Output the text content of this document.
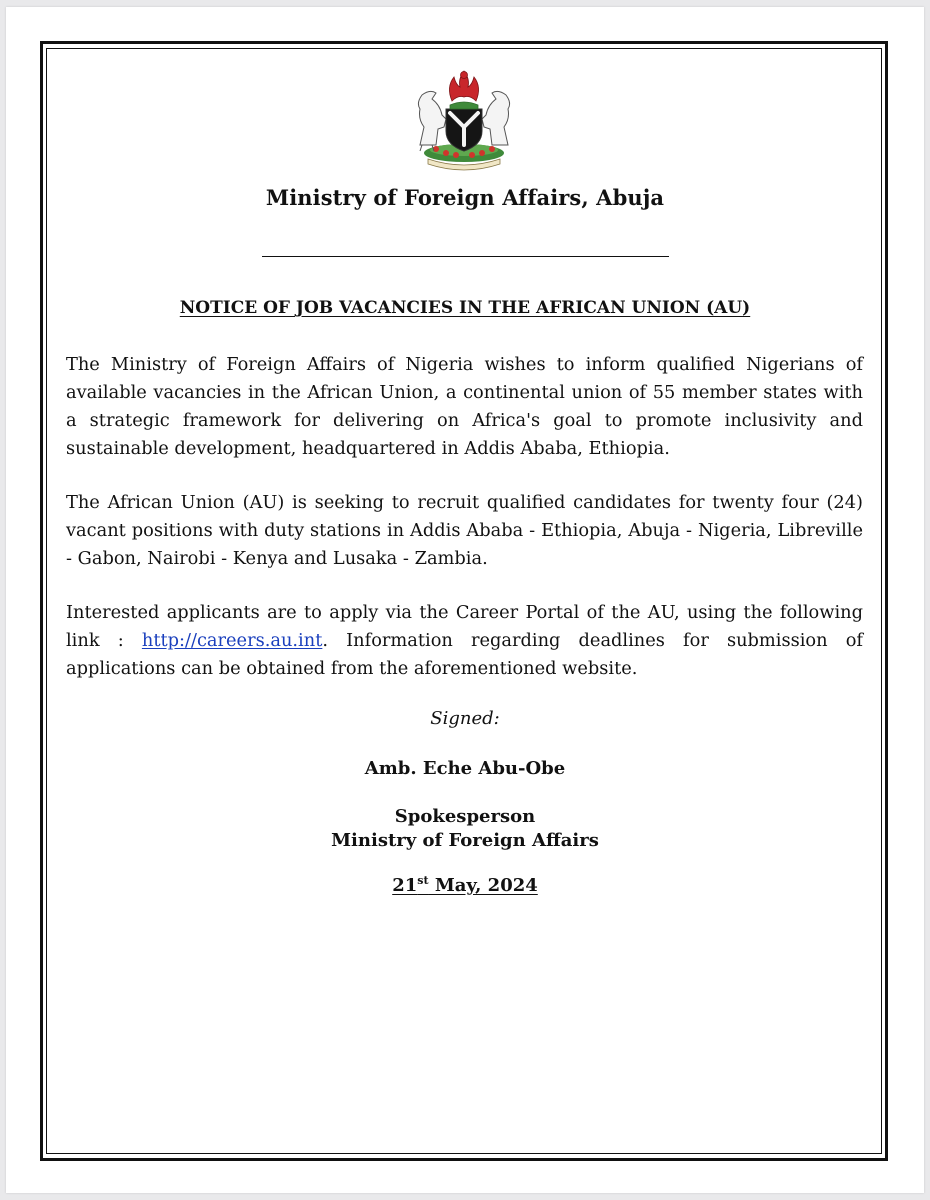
Ministry of Foreign Affairs, Abuja
NOTICE OF JOB VACANCIES IN THE AFRICAN UNION (AU)

The Ministry of Foreign Affairs of Nigeria wishes to inform qualified Nigerians of available vacancies in the African Union, a continental union of 55 member states with a strategic framework for delivering on Africa's goal to promote inclusivity and sustainable development, headquartered in Addis Ababa, Ethiopia.

The African Union (AU) is seeking to recruit qualified candidates for twenty four (24) vacant positions with duty stations in Addis Ababa - Ethiopia, Abuja - Nigeria, Libreville - Gabon, Nairobi - Kenya and Lusaka - Zambia.

Interested applicants are to apply via the Career Portal of the AU, using the following link : http://careers.au.int. Information regarding deadlines for submission of applications can be obtained from the aforementioned website.

Signed:
Amb. Eche Abu-Obe
Spokesperson
Ministry of Foreign Affairs
21st May, 2024
